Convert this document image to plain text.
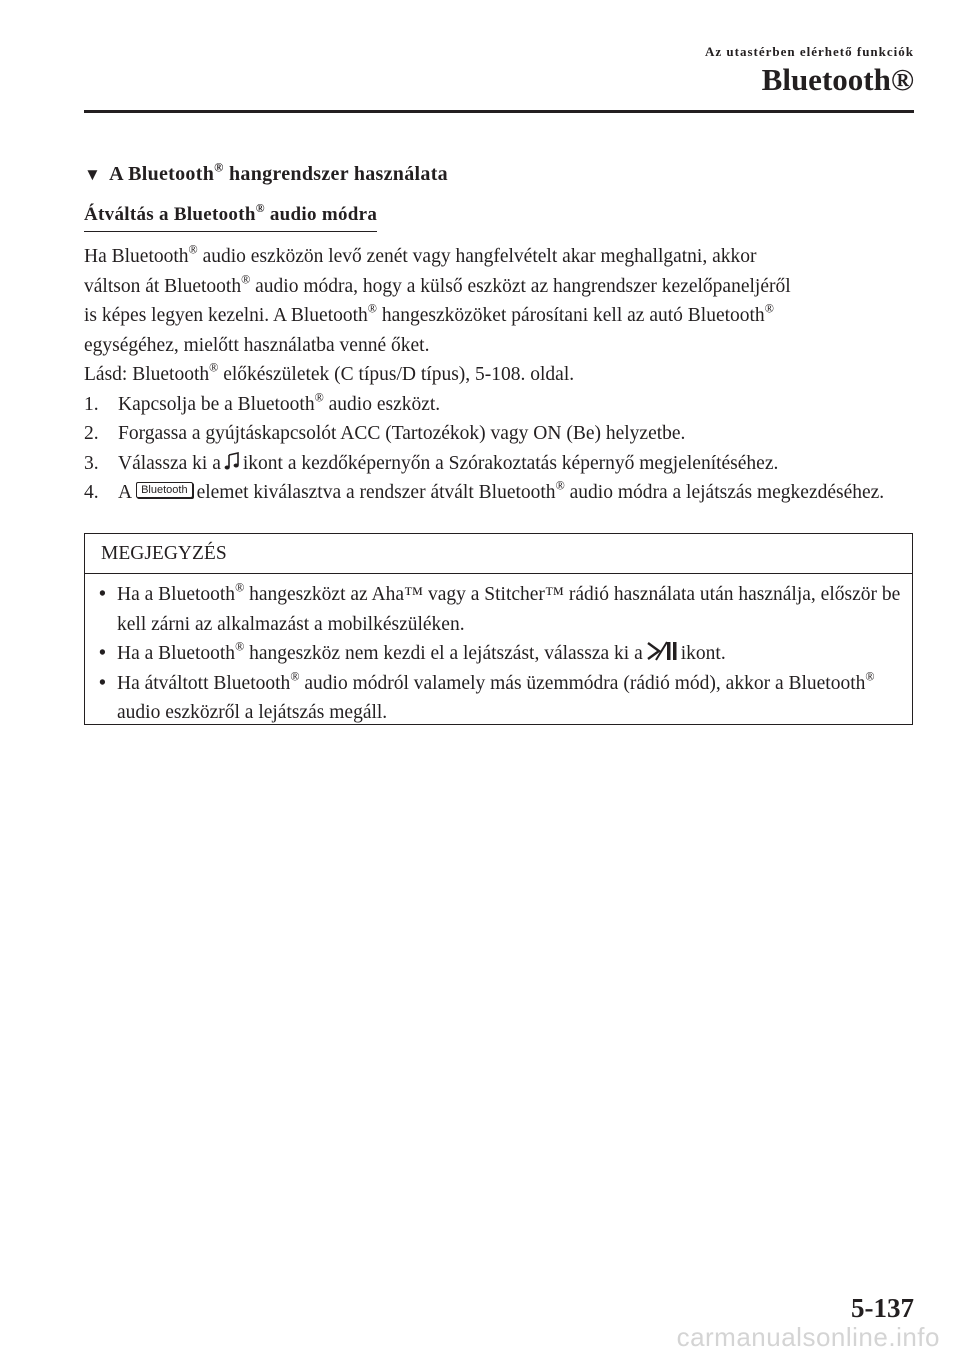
Az utastérben elérhető funkciók
Bluetooth®
▼ A Bluetooth® hangrendszer használata
Átváltás a Bluetooth® audio módra

Ha Bluetooth® audio eszközön levő zenét vagy hangfelvételt akar meghallgatni, akkor

váltson át Bluetooth® audio módra, hogy a külső eszközt az hangrendszer kezelőpaneljéről

is képes legyen kezelni. A Bluetooth® hangeszközöket párosítani kell az autó Bluetooth®

egységéhez, mielőtt használatba venné őket.

Lásd: Bluetooth® előkészületek (C típus/D típus), 5-108. oldal.

1. Kapcsolja be a Bluetooth® audio eszközt.
2. Forgassa a gyújtáskapcsolót ACC (Tartozékok) vagy ON (Be) helyzetbe.
3. Válassza ki a ikont a kezdőképernyőn a Szórakoztatás képernyő megjelenítéséhez.
4. A Bluetooth elemet kiválasztva a rendszer átvált Bluetooth® audio módra a lejátszás megkezdéséhez.
MEGJEGYZÉS
• Ha a Bluetooth® hangeszközt az Aha™ vagy a Stitcher™ rádió használata után használja, először be kell zárni az alkalmazást a mobilkészüléken.
• Ha a Bluetooth® hangeszköz nem kezdi el a lejátszást, válassza ki a ikont.
• Ha átváltott Bluetooth® audio módról valamely más üzemmódra (rádió mód), akkor a Bluetooth® audio eszközről a lejátszás megáll.
5-137
carmanualsonline.info
